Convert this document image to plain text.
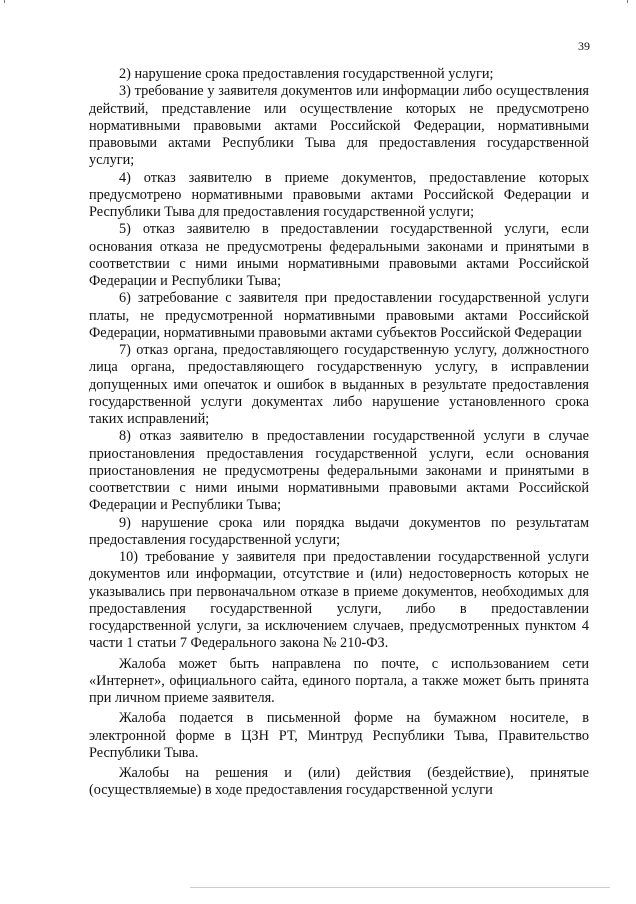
39

2) нарушение срока предоставления государственной услуги;

3) требование у заявителя документов или информации либо осуществления действий, представление или осуществление которых не предусмотрено нормативными правовыми актами Российской Федерации, нормативными правовыми актами Республики Тыва для предоставления государственной услуги;

4) отказ заявителю в приеме документов, предоставление которых предусмотрено нормативными правовыми актами Российской Федерации и Республики Тыва для предоставления государственной услуги;

5) отказ заявителю в предоставлении государственной услуги, если основания отказа не предусмотрены федеральными законами и принятыми в соответствии с ними иными нормативными правовыми актами Российской Федерации и Республики Тыва;

6) затребование с заявителя при предоставлении государственной услуги платы, не предусмотренной нормативными правовыми актами Российской Федерации, нормативными правовыми актами субъектов Российской Федерации

7) отказ органа, предоставляющего государственную услугу, должностного лица органа, предоставляющего государственную услугу, в исправлении допущенных ими опечаток и ошибок в выданных в результате предоставления государственной услуги документах либо нарушение установленного срока таких исправлений;

8) отказ заявителю в предоставлении государственной услуги в случае приостановления предоставления государственной услуги, если основания приостановления не предусмотрены федеральными законами и принятыми в соответствии с ними иными нормативными правовыми актами Российской Федерации и Республики Тыва;

9) нарушение срока или порядка выдачи документов по результатам предоставления государственной услуги;

10) требование у заявителя при предоставлении государственной услуги документов или информации, отсутствие и (или) недостоверность которых не указывались при первоначальном отказе в приеме документов, необходимых для предоставления государственной услуги, либо в предоставлении государственной услуги, за исключением случаев, предусмотренных пунктом 4 части 1 статьи 7 Федерального закона № 210-ФЗ.

Жалоба может быть направлена по почте, с использованием сети «Интернет», официального сайта, единого портала, а также может быть принята при личном приеме заявителя.

Жалоба подается в письменной форме на бумажном носителе, в электронной форме в ЦЗН РТ, Минтруд Республики Тыва, Правительство Республики Тыва.

Жалобы на решения и (или) действия (бездействие), принятые (осуществляемые) в ходе предоставления государственной услуги
